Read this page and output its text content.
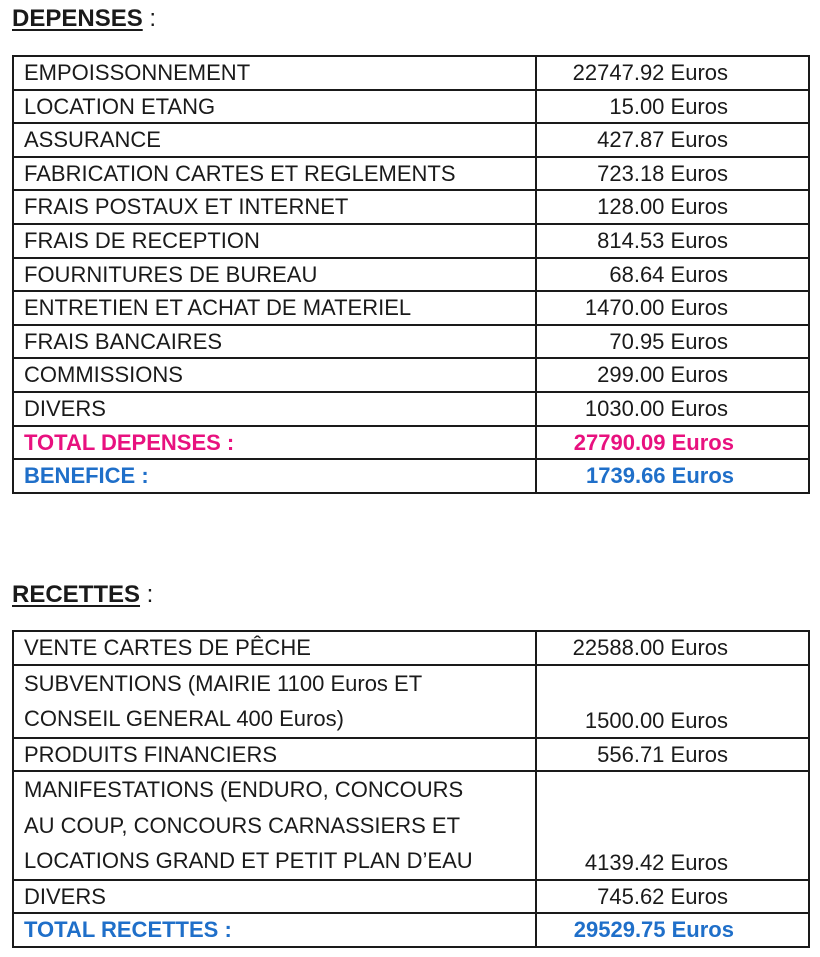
DEPENSES :
EMPOISSONNEMENT	22747.92 Euros
LOCATION ETANG	15.00 Euros
ASSURANCE	427.87 Euros
FABRICATION CARTES ET REGLEMENTS	723.18 Euros
FRAIS POSTAUX ET INTERNET	128.00 Euros
FRAIS DE RECEPTION	814.53 Euros
FOURNITURES DE BUREAU	68.64 Euros
ENTRETIEN ET ACHAT DE MATERIEL	1470.00 Euros
FRAIS BANCAIRES	70.95 Euros
COMMISSIONS	299.00 Euros
DIVERS	1030.00 Euros
TOTAL DEPENSES :	27790.09 Euros
BENEFICE :	1739.66 Euros
RECETTES :
VENTE CARTES DE PÊCHE	22588.00 Euros

SUBVENTIONS (MAIRIE 1100 Euros ET
CONSEIL GENERAL 400 Euros)	1500.00 Euros
PRODUITS FINANCIERS	556.71 Euros

MANIFESTATIONS (ENDURO, CONCOURS
AU COUP, CONCOURS CARNASSIERS ET
LOCATIONS GRAND ET PETIT PLAN D’EAU	4139.42 Euros
DIVERS	745.62 Euros
TOTAL RECETTES :	29529.75 Euros
